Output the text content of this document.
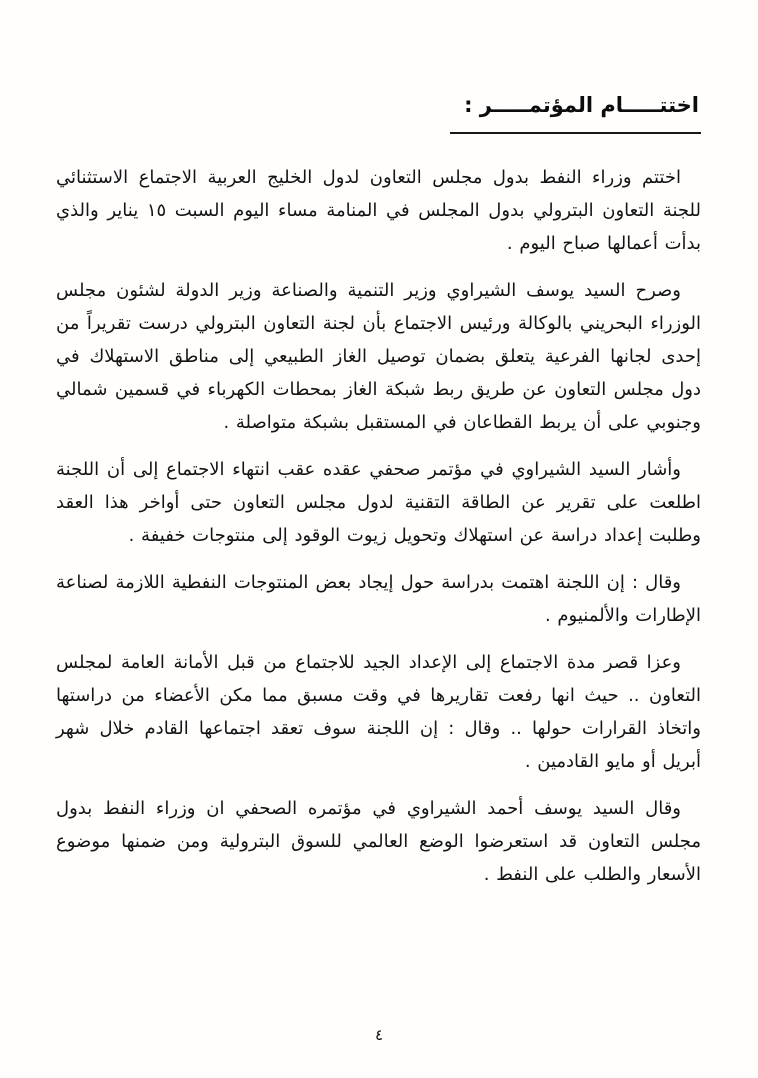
اختتـــــام المؤتمـــــر :

اختتم وزراء النفط بدول مجلس التعاون لدول الخليج العربية الاجتماع الاستثنائي للجنة التعاون البترولي بدول المجلس في المنامة مساء اليوم السبت ١٥ يناير والذي بدأت أعمالها صباح اليوم .

وصرح السيد يوسف الشيراوي وزير التنمية والصناعة وزير الدولة لشئون مجلس الوزراء البحريني بالوكالة ورئيس الاجتماع بأن لجنة التعاون البترولي درست تقريراً من إحدى لجانها الفرعية يتعلق بضمان توصيل الغاز الطبيعي إلى مناطق الاستهلاك في دول مجلس التعاون عن طريق ربط شبكة الغاز بمحطات الكهرباء في قسمين شمالي وجنوبي على أن يربط القطاعان في المستقبل بشبكة متواصلة .

وأشار السيد الشيراوي في مؤتمر صحفي عقده عقب انتهاء الاجتماع إلى أن اللجنة اطلعت على تقرير عن الطاقة التقنية لدول مجلس التعاون حتى أواخر هذا العقد وطلبت إعداد دراسة عن استهلاك وتحويل زيوت الوقود إلى منتوجات خفيفة .

وقال : إن اللجنة اهتمت بدراسة حول إيجاد بعض المنتوجات النفطية اللازمة لصناعة الإطارات والألمنيوم .

وعزا قصر مدة الاجتماع إلى الإعداد الجيد للاجتماع من قبل الأمانة العامة لمجلس التعاون .. حيث انها رفعت تقاريرها في وقت مسبق مما مكن الأعضاء من دراستها واتخاذ القرارات حولها .. وقال : إن اللجنة سوف تعقد اجتماعها القادم خلال شهر أبريل أو مايو القادمين .

وقال السيد يوسف أحمد الشيراوي في مؤتمره الصحفي ان وزراء النفط بدول مجلس التعاون قد استعرضوا الوضع العالمي للسوق البترولية ومن ضمنها موضوع الأسعار والطلب على النفط .

٤
